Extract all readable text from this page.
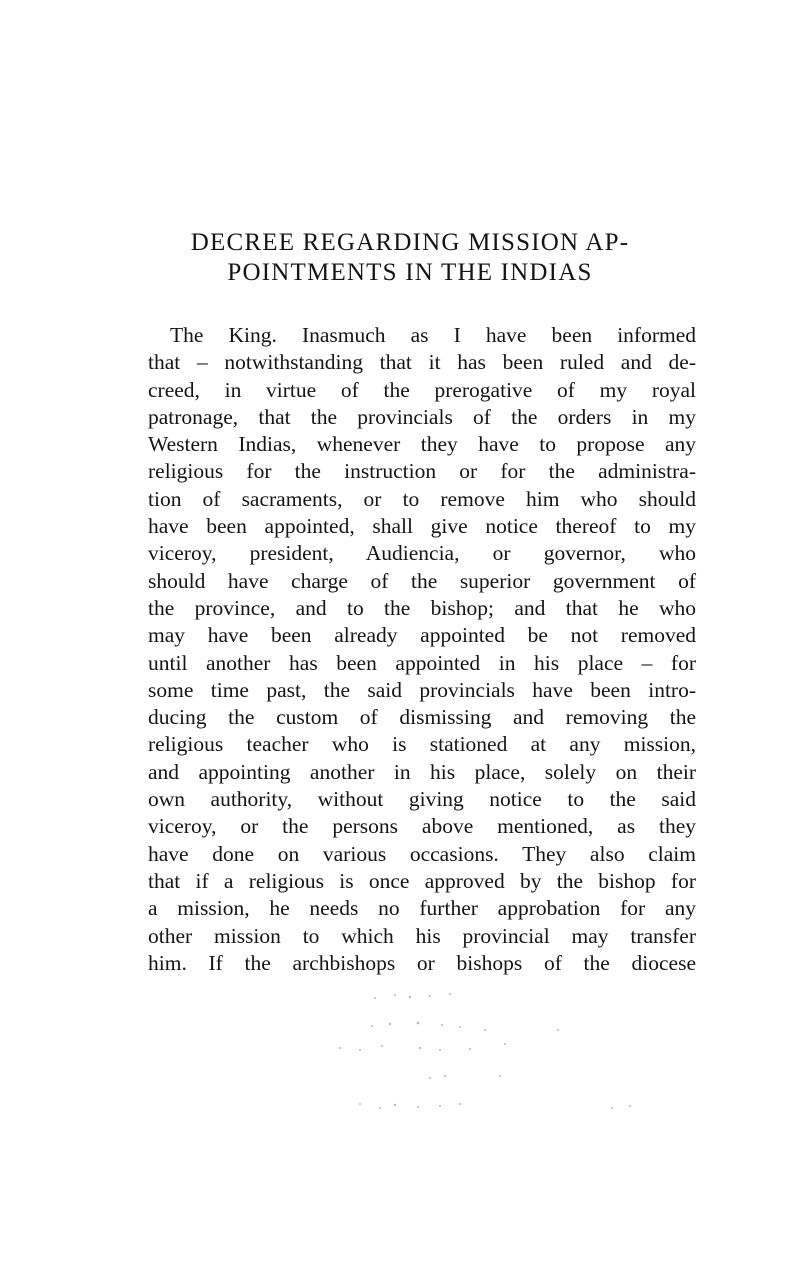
DECREE REGARDING MISSION AP-
POINTMENTS IN THE INDIAS
The King. Inasmuch as I have been informed
that – notwithstanding that it has been ruled and de-
creed, in virtue of the prerogative of my royal
patronage, that the provincials of the orders in my
Western Indias, whenever they have to propose any
religious for the instruction or for the administra-
tion of sacraments, or to remove him who should
have been appointed, shall give notice thereof to my
viceroy, president, Audiencia, or governor, who
should have charge of the superior government of
the province, and to the bishop; and that he who
may have been already appointed be not removed
until another has been appointed in his place – for
some time past, the said provincials have been intro-
ducing the custom of dismissing and removing the
religious teacher who is stationed at any mission,
and appointing another in his place, solely on their
own authority, without giving notice to the said
viceroy, or the persons above mentioned, as they
have done on various occasions. They also claim
that if a religious is once approved by the bishop for
a mission, he needs no further approbation for any
other mission to which his provincial may transfer
him. If the archbishops or bishops of the diocese
